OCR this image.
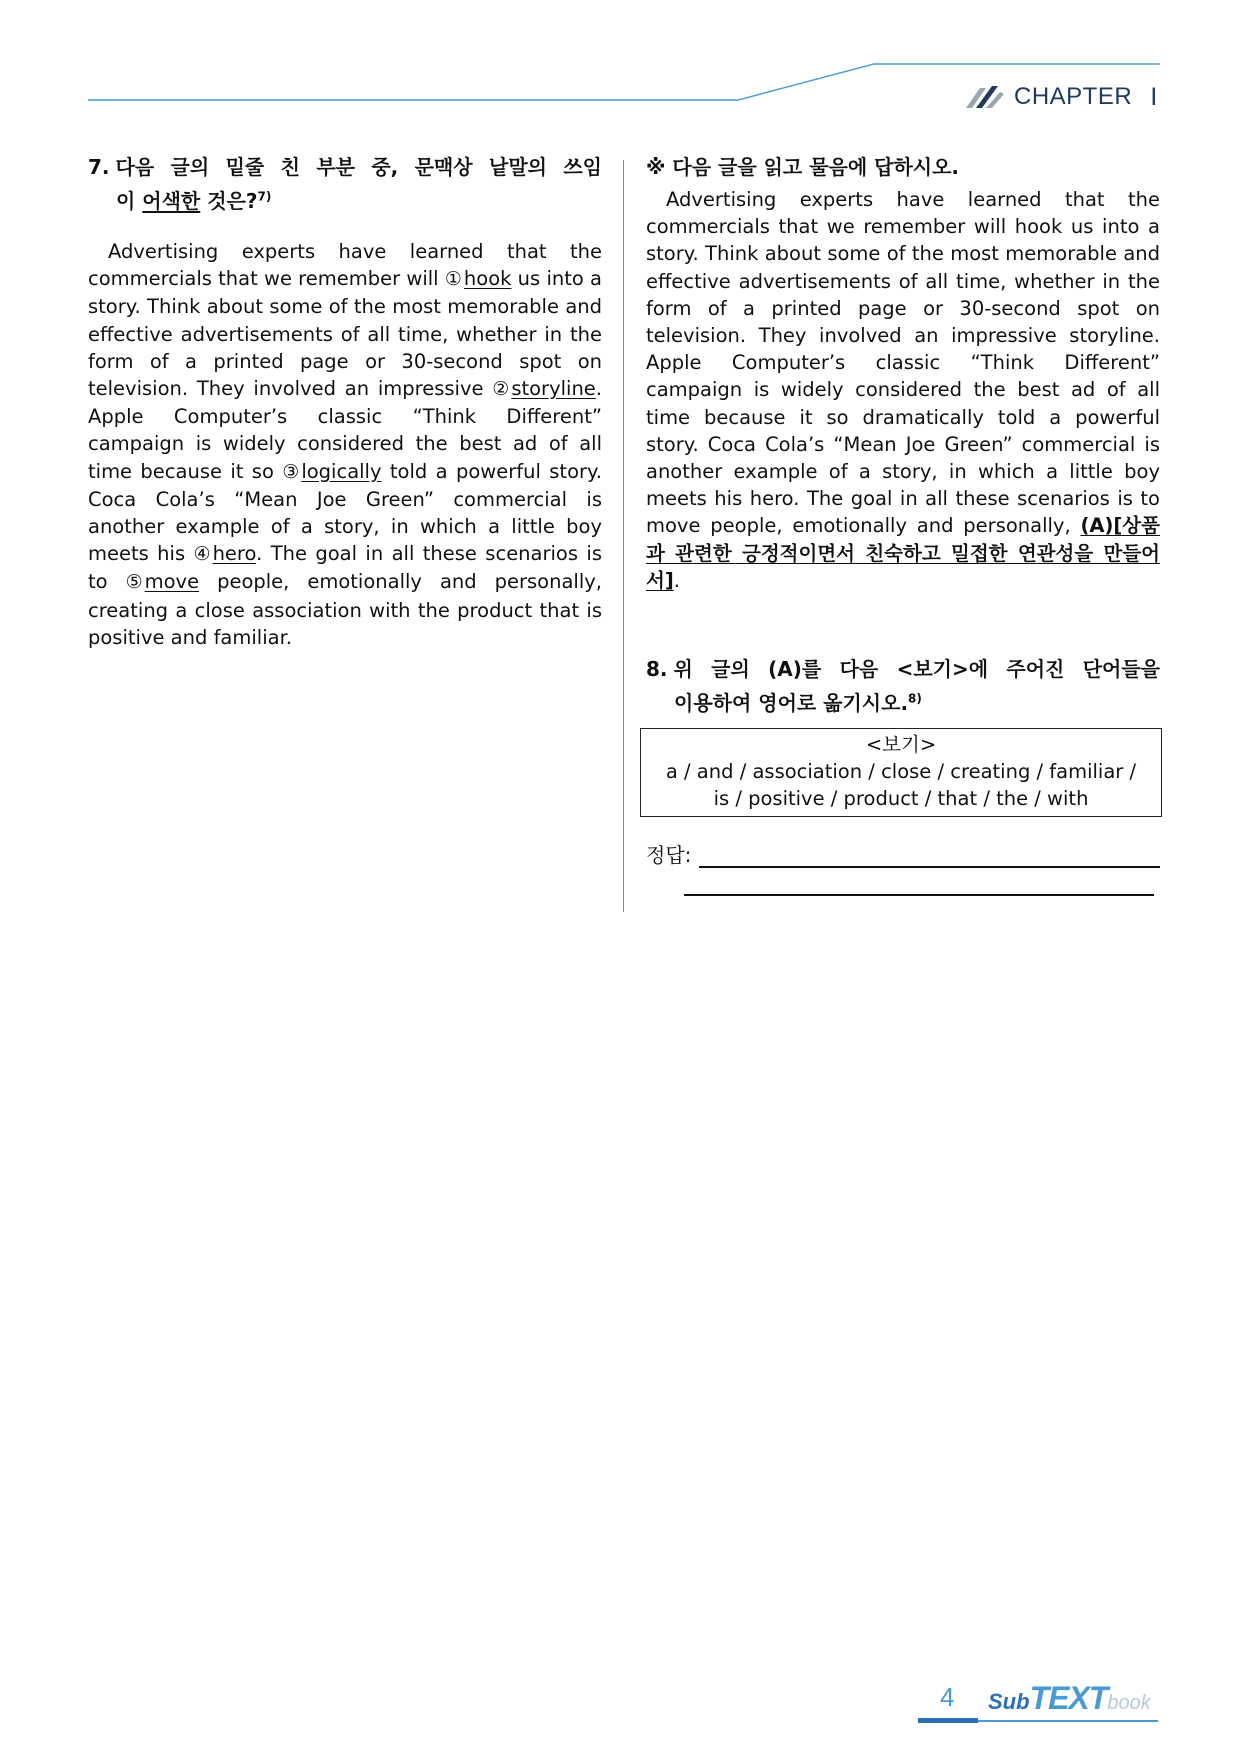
CHAPTER Ⅰ

7. 다음 글의 밑줄 친 부분 중, 문맥상 낱말의 쓰임

이 어색한 것은?$^{7)}$

Advertising experts have learned that the commercials that we remember will ① hook us into a story. Think about some of the most memorable and effective advertisements of all time, whether in the form of a printed page or 30-second spot on television. They involved an impressive ② storyline. Apple Computer’s classic “Think Different” campaign is widely considered the best ad of all time because it so ③ logically told a powerful story. Coca Cola’s “Mean Joe Green” commercial is another example of a story, in which a little boy meets his ④ hero. The goal in all these scenarios is to ⑤ move people, emotionally and personally, creating a close association with the product that is positive and familiar.

※ 다음 글을 읽고 물음에 답하시오.

Advertising experts have learned that the commercials that we remember will hook us into a story. Think about some of the most memorable and effective advertisements of all time, whether in the form of a printed page or 30-second spot on television. They involved an impressive storyline. Apple Computer’s classic “Think Different” campaign is widely considered the best ad of all time because it so dramatically told a powerful story. Coca Cola’s “Mean Joe Green” commercial is another example of a story, in which a little boy meets his hero. The goal in all these scenarios is to move people, emotionally and personally, (A)[상품과 관련한 긍정적이면서 친숙하고 밀접한 연관성을 만들어서].

8. 위 글의 (A)를 다음 <보기>에 주어진 단어들을

이용하여 영어로 옮기시오.$^{8)}$

<보기>
a / and / association / close / creating / familiar /
is / positive / product / that / the / with
정답:
4 SubTEXTbook
